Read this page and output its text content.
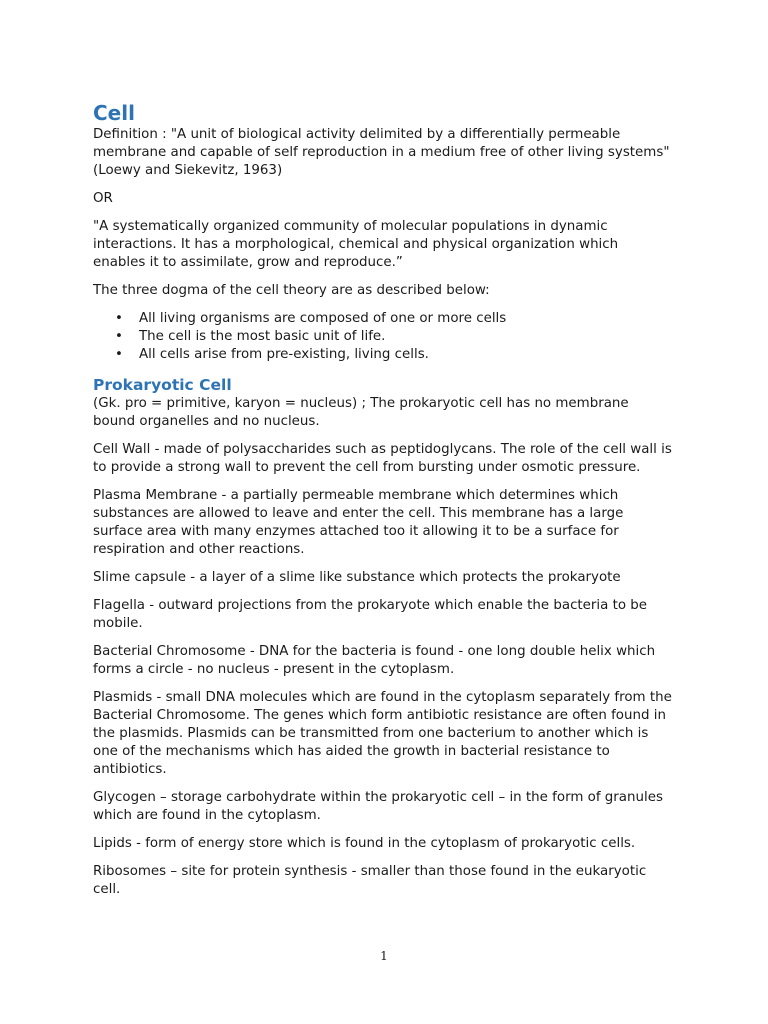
Cell

Definition : "A unit of biological activity delimited by a differentially permeable membrane and capable of self reproduction in a medium free of other living systems" (Loewy and Siekevitz, 1963)

OR

"A systematically organized community of molecular populations in dynamic interactions. It has a morphological, chemical and physical organization which enables it to assimilate, grow and reproduce.”

The three dogma of the cell theory are as described below:

• All living organisms are composed of one or more cells
• The cell is the most basic unit of life.
• All cells arise from pre-existing, living cells.
Prokaryotic Cell

(Gk. pro = primitive, karyon = nucleus) ; The prokaryotic cell has no membrane bound organelles and no nucleus.

Cell Wall - made of polysaccharides such as peptidoglycans. The role of the cell wall is to provide a strong wall to prevent the cell from bursting under osmotic pressure.

Plasma Membrane - a partially permeable membrane which determines which substances are allowed to leave and enter the cell. This membrane has a large surface area with many enzymes attached too it allowing it to be a surface for respiration and other reactions.

Slime capsule - a layer of a slime like substance which protects the prokaryote

Flagella - outward projections from the prokaryote which enable the bacteria to be mobile.

Bacterial Chromosome - DNA for the bacteria is found - one long double helix which forms a circle - no nucleus - present in the cytoplasm.

Plasmids - small DNA molecules which are found in the cytoplasm separately from the Bacterial Chromosome. The genes which form antibiotic resistance are often found in the plasmids. Plasmids can be transmitted from one bacterium to another which is one of the mechanisms which has aided the growth in bacterial resistance to antibiotics.

Glycogen – storage carbohydrate within the prokaryotic cell – in the form of granules which are found in the cytoplasm.

Lipids - form of energy store which is found in the cytoplasm of prokaryotic cells.

Ribosomes – site for protein synthesis - smaller than those found in the eukaryotic cell.

1
